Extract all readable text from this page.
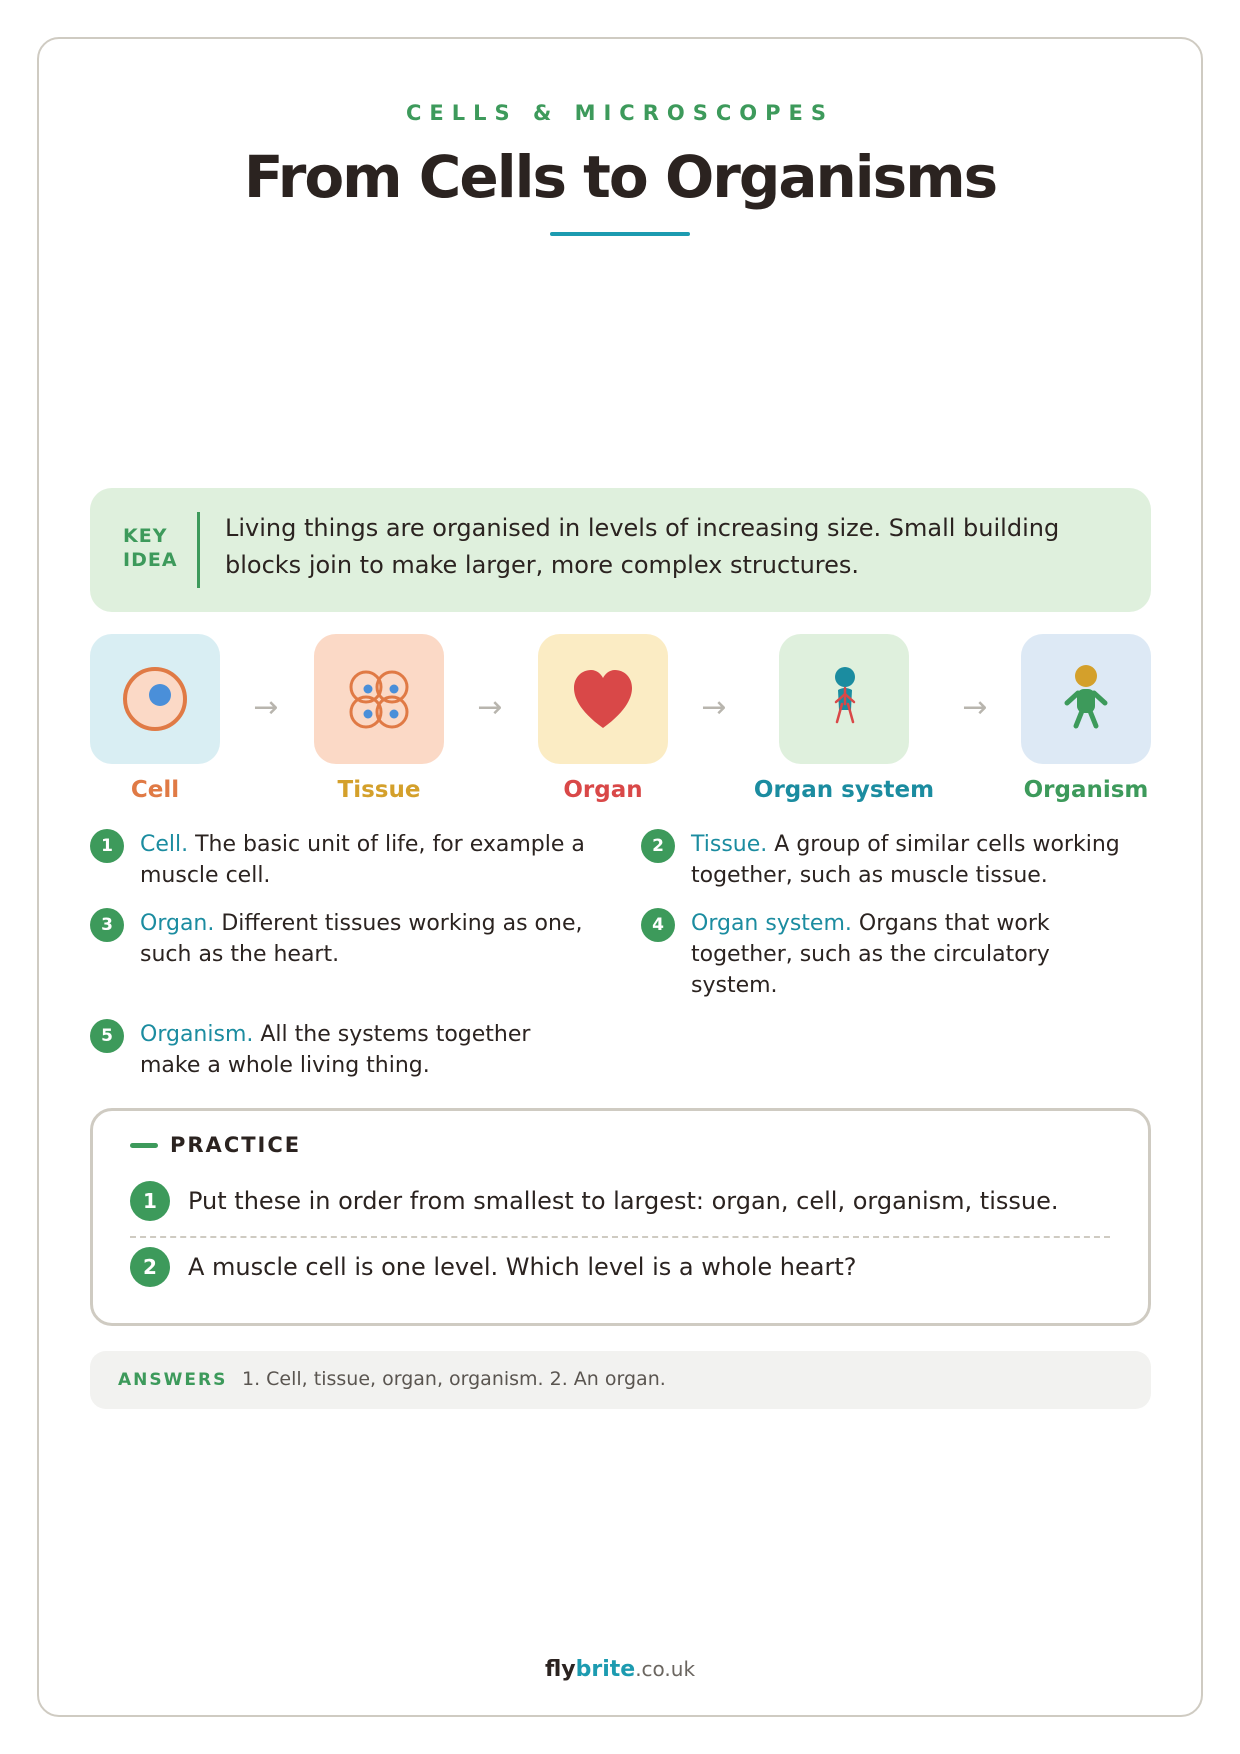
CELLS & MICROSCOPES
From Cells to Organisms
KEY IDEA
Living things are organised in levels of increasing size. Small building blocks join to make larger, more complex structures.
→	→	→	→
Cell	Tissue	Organ	Organ system	Organism
1	Cell. The basic unit of life, for example a muscle cell.
2	Tissue. A group of similar cells working together, such as muscle tissue.
3	Organ. Different tissues working as one, such as the heart.
4	Organ system. Organs that work together, such as the circulatory system.
5	Organism. All the systems together make a whole living thing.
PRACTICE
1	Put these in order from smallest to largest: organ, cell, organism, tissue.
2	A muscle cell is one level. Which level is a whole heart?
ANSWERS 1. Cell, tissue, organ, organism. 2. An organ.
flybrite.co.uk
